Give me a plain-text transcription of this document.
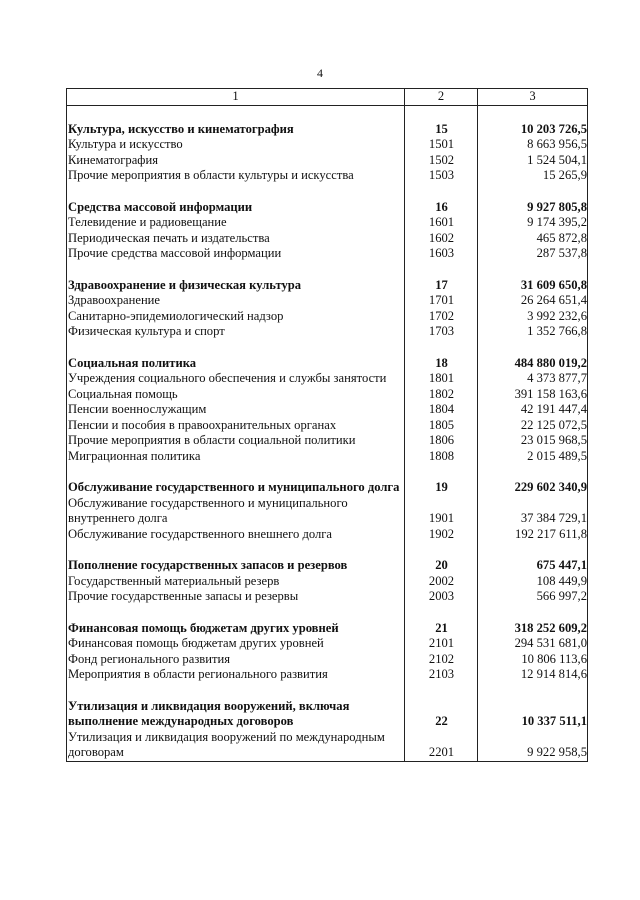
4
1	2	3

Культура, искусство и кинематография	15	10 203 726,5
Культура и искусство	1501	8 663 956,5
Кинематография	1502	1 524 504,1
Прочие мероприятия в области культуры и искусства	1503	15 265,9

Средства массовой информации	16	9 927 805,8
Телевидение и радиовещание	1601	9 174 395,2
Периодическая печать и издательства	1602	465 872,8
Прочие средства массовой информации	1603	287 537,8

Здравоохранение и физическая культура	17	31 609 650,8
Здравоохранение	1701	26 264 651,4
Санитарно-эпидемиологический надзор	1702	3 992 232,6
Физическая культура и спорт	1703	1 352 766,8

Социальная политика	18	484 880 019,2
Учреждения социального обеспечения и службы занятости	1801	4 373 877,7
Социальная помощь	1802	391 158 163,6
Пенсии военнослужащим	1804	42 191 447,4
Пенсии и пособия в правоохранительных органах	1805	22 125 072,5
Прочие мероприятия в области социальной политики	1806	23 015 968,5
Миграционная политика	1808	2 015 489,5

Обслуживание государственного и муниципального долга	19	229 602 340,9
Обслуживание государственного и муниципального внутреннего долга	1901	37 384 729,1
Обслуживание государственного внешнего долга	1902	192 217 611,8

Пополнение государственных запасов и резервов	20	675 447,1
Государственный материальный резерв	2002	108 449,9
Прочие государственные запасы и резервы	2003	566 997,2

Финансовая помощь бюджетам других уровней	21	318 252 609,2
Финансовая помощь бюджетам других уровней	2101	294 531 681,0
Фонд регионального развития	2102	10 806 113,6
Мероприятия в области регионального развития	2103	12 914 814,6

Утилизация и ликвидация вооружений, включая выполнение международных договоров	22	10 337 511,1
Утилизация и ликвидация вооружений по международным договорам	2201	9 922 958,5
